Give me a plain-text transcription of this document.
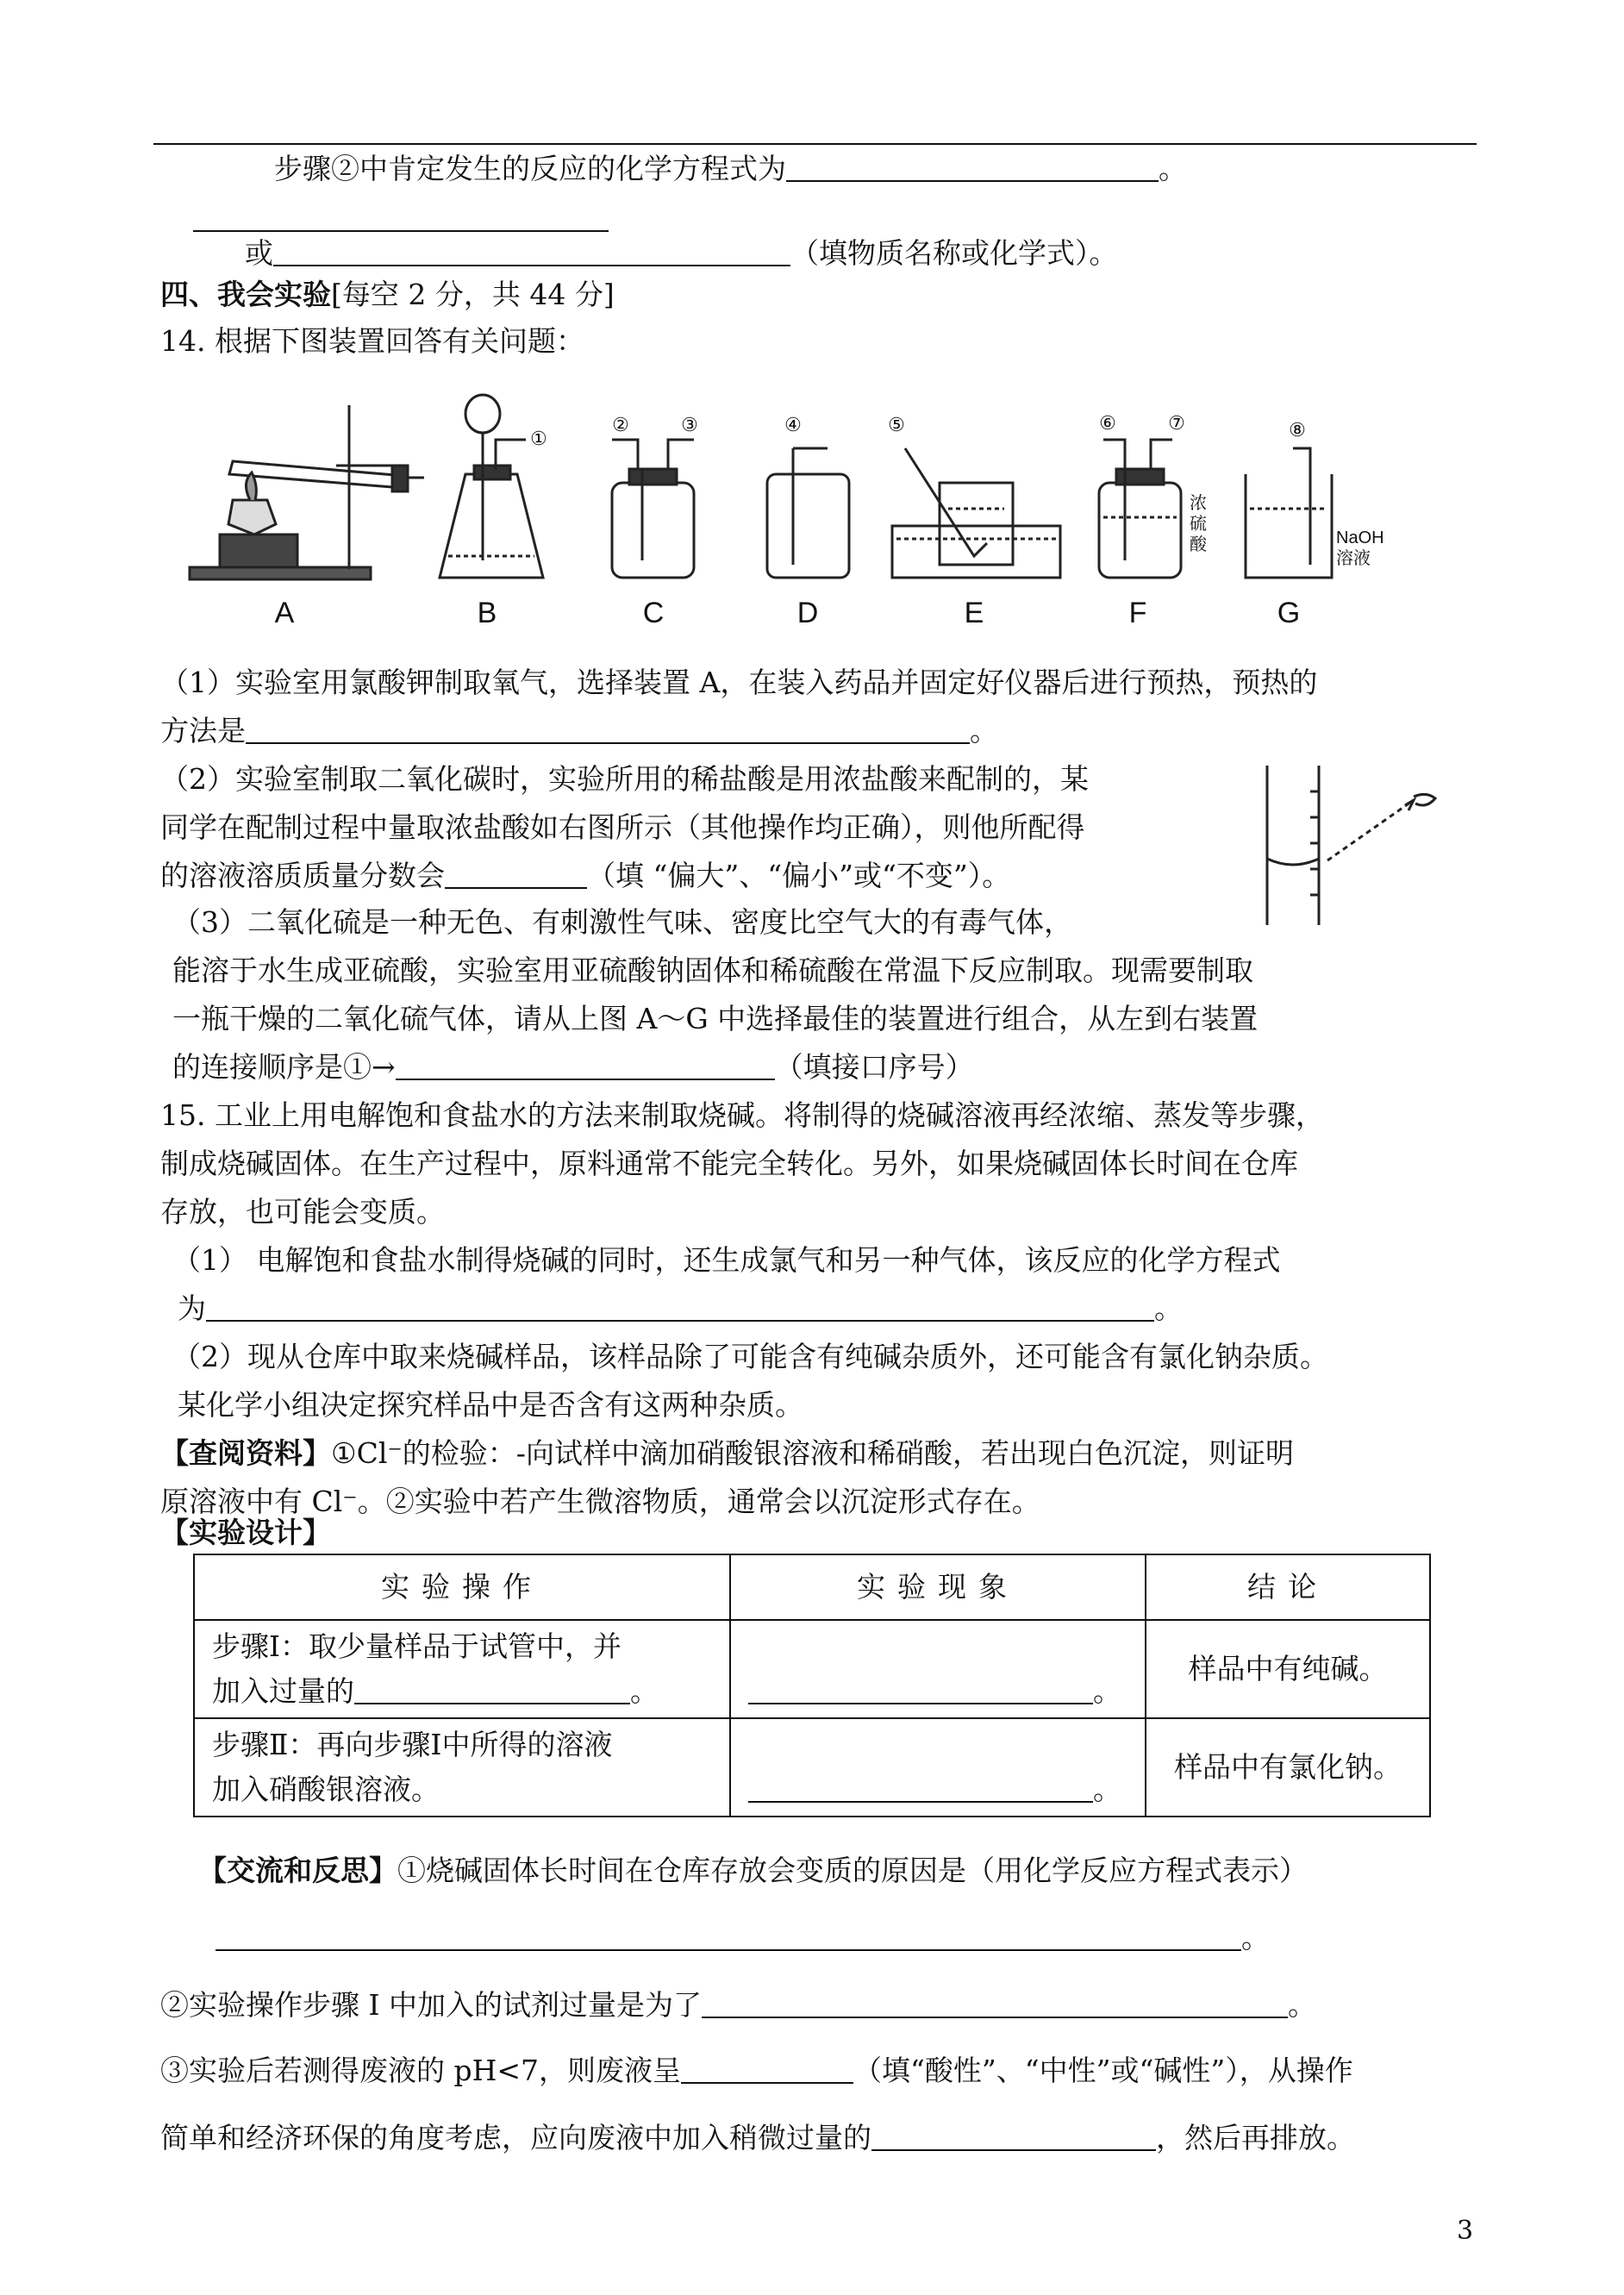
步骤②中肯定发生的反应的化学方程式为	。
或	（填物质名称或化学式）。
四、我会实验[每空 2 分，共 44 分]
14. 根据下图装置回答有关问题：
A	B	C	D	E	F	G
①
②	③	④	⑤	⑥	⑦	⑧
浓
硫
酸	NaOH
溶液
（1）实验室用氯酸钾制取氧气，选择装置 A，在装入药品并固定好仪器后进行预热，预热的
方法是	。
（2）实验室制取二氧化碳时，实验所用的稀盐酸是用浓盐酸来配制的，某
同学在配制过程中量取浓盐酸如右图所示（其他操作均正确），则他所配得
的溶液溶质质量分数会	（填 “偏大”、“偏小”或“不变”）。
（3）二氧化硫是一种无色、有刺激性气味、密度比空气大的有毒气体，
能溶于水生成亚硫酸，实验室用亚硫酸钠固体和稀硫酸在常温下反应制取。现需要制取
一瓶干燥的二氧化硫气体，请从上图 A～G 中选择最佳的装置进行组合，从左到右装置
的连接顺序是①→	（填接口序号）
15. 工业上用电解饱和食盐水的方法来制取烧碱。将制得的烧碱溶液再经浓缩、蒸发等步骤，
制成烧碱固体。在生产过程中，原料通常不能完全转化。另外，如果烧碱固体长时间在仓库
存放，也可能会变质。
（1） 电解饱和食盐水制得烧碱的同时，还生成氯气和另一种气体，该反应的化学方程式
为	。
（2）现从仓库中取来烧碱样品，该样品除了可能含有纯碱杂质外，还可能含有氯化钠杂质。
某化学小组决定探究样品中是否含有这两种杂质。
【查阅资料】①Cl⁻的检验：-向试样中滴加硝酸银溶液和稀硝酸，若出现白色沉淀，则证明
原溶液中有 Cl⁻。②实验中若产生微溶物质，通常会以沉淀形式存在。
【实验设计】
实验操作	实验现象	结论

步骤Ⅰ：取少量样品于试管中，并
加入过量的 。	。	样品中有纯碱。

步骤Ⅱ：再向步骤Ⅰ中所得的溶液
加入硝酸银溶液。	。	样品中有氯化钠。
【交流和反思】①烧碱固体长时间在仓库存放会变质的原因是（用化学反应方程式表示）
。
②实验操作步骤 I 中加入的试剂过量是为了	。
③实验后若测得废液的 pH<7，则废液呈	（填“酸性”、“中性”或“碱性”），从操作
简单和经济环保的角度考虑，应向废液中加入稍微过量的	，然后再排放。
3
